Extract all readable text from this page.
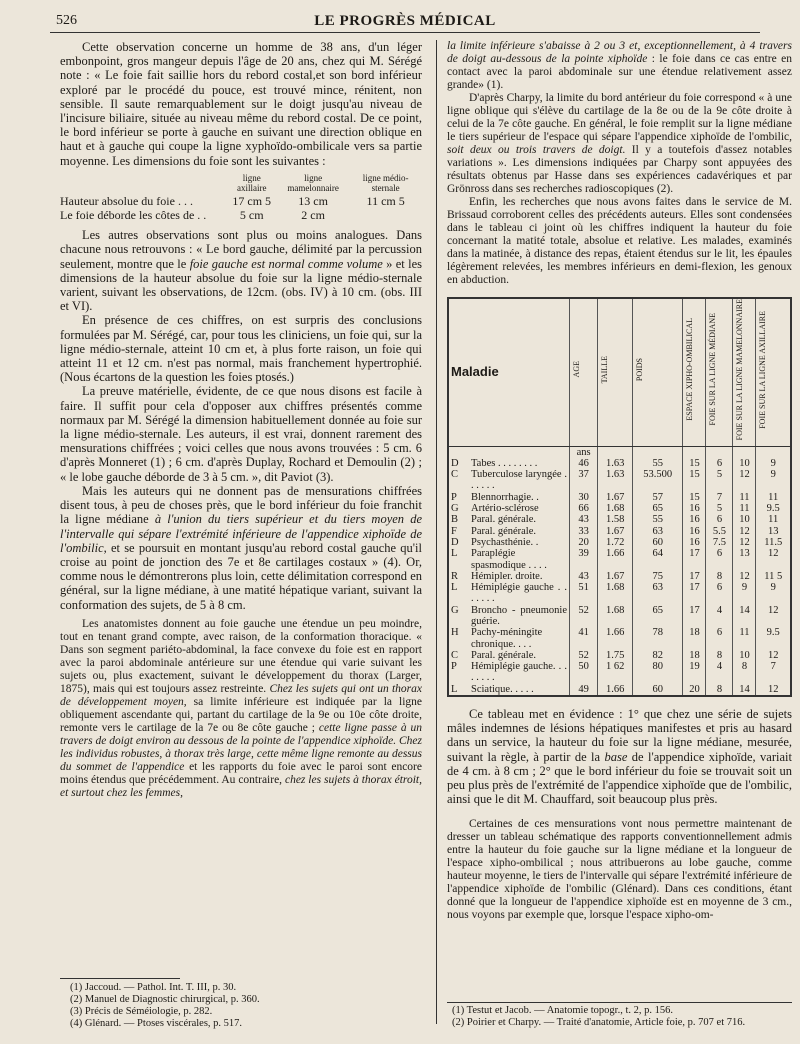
526	LE PROGRÈS MÉDICAL

Cette observation concerne un homme de 38 ans, d'un léger embonpoint, gros mangeur depuis l'âge de 20 ans, chez qui M. Sérégé note : « Le foie fait saillie hors du rebord costal,et son bord inférieur exploré par le procédé du pouce, est trouvé mince, rénitent, non sensible. Il saute remarquablement sur le doigt jusqu'au niveau de l'incisure biliaire, située au niveau même du rebord costal. De ce point, le bord inférieur se porte à gauche en suivant une direction oblique en haut et à gauche qui coupe la ligne xyphoïdo-ombilicale vers sa partie moyenne. Les dimensions du foie sont les suivantes :

	ligne axillaire	ligne mamelonnaire	ligne médio-sternale
Hauteur absolue du foie . . .	17 cm 5	13 cm	11 cm 5
Le foie déborde les côtes de . .	5 cm	2 cm	

Les autres observations sont plus ou moins analogues. Dans chacune nous retrouvons : « Le bord gauche, délimité par la percussion seulement, montre que le foie gauche est normal comme volume » et les dimensions de la hauteur absolue du foie sur la ligne médio-sternale varient, suivant les observations, de 12cm. (obs. IV) à 10 cm. (obs. III et VI).

En présence de ces chiffres, on est surpris des conclusions formulées par M. Sérégé, car, pour tous les cliniciens, un foie qui, sur la ligne médio-sternale, atteint 10 cm et, à plus forte raison, un foie qui atteint 11 et 12 cm. n'est pas normal, mais franchement hypertrophié. (Nous écartons de la question les foies ptosés.)

La preuve matérielle, évidente, de ce que nous disons est facile à faire. Il suffit pour cela d'opposer aux chiffres présentés comme normaux par M. Sérégé la dimension habituellement donnée au foie sur la ligne médio-sternale. Les auteurs, il est vrai, donnent rarement des mensurations chiffrées ; voici celles que nous avons trouvées : 5 cm. 6 d'après Monneret (1) ; 6 cm. d'après Duplay, Rochard et Demoulin (2) ; « le lobe gauche déborde de 3 à 5 cm. », dit Paviot (3).

Mais les auteurs qui ne donnent pas de mensurations chiffrées disent tous, à peu de choses près, que le bord inférieur du foie franchit la ligne médiane à l'union du tiers supérieur et du tiers moyen de l'intervalle qui sépare l'extrémité inférieure de l'appendice xiphoïde de l'ombilic, et se poursuit en montant jusqu'au rebord costal gauche qu'il croise au point de jonction des 7e et 8e cartilages costaux » (4). Or, comme nous le démontrerons plus loin, cette délimitation correspond en général, sur la ligne médiane, à une matité hépatique variant, suivant la conformation des sujets, de 5 à 8 cm.

Les anatomistes donnent au foie gauche une étendue un peu moindre, tout en tenant grand compte, avec raison, de la conformation thoracique. « Dans son segment pariéto-abdominal, la face convexe du foie est en rapport avec la paroi abdominale antérieure sur une étendue qui varie suivant les sujets ou, plus exactement, suivant le développement du thorax (Larger, 1875), mais qui est toujours assez restreinte. Chez les sujets qui ont un thorax de développement moyen, sa limite inférieure est indiquée par la ligne obliquement ascendante qui, partant du cartilage de la 9e ou 10e côte droite, remonte vers le cartilage de la 7e ou 8e côte gauche ; cette ligne passe à un travers de doigt environ au dessous de la pointe de l'appendice xiphoïde. Chez les individus robustes, à thorax très large, cette même ligne remonte au dessus du sommet de l'appendice et les rapports du foie avec le paroi sont encore moins étendus que précédemment. Au contraire, chez les sujets à thorax étroit, et surtout chez les femmes,

(1) Jaccoud. — Pathol. Int. T. III, p. 30.
(2) Manuel de Diagnostic chirurgical, p. 360.
(3) Précis de Séméiologie, p. 282.
(4) Glénard. — Ptoses viscérales, p. 517.

la limite inférieure s'abaisse à 2 ou 3 et, exceptionnellement, à 4 travers de doigt au-dessous de la pointe xiphoïde : le foie dans ce cas entre en contact avec la paroi abdominale sur une étendue relativement assez grande» (1).

D'après Charpy, la limite du bord antérieur du foie correspond « à une ligne oblique qui s'élève du cartilage de la 8e ou de la 9e côte droite à celui de la 7e côte gauche. En général, le foie remplit sur la ligne médiane le tiers supérieur de l'espace qui sépare l'appendice xiphoïde de l'ombilic, soit deux ou trois travers de doigt. Il y a toutefois d'assez notables variations ». Les dimensions indiquées par Charpy sont appuyées des résultats obtenus par Hasse dans ses expériences cadavériques et par Grönross dans ses recherches radioscopiques (2).

Enfin, les recherches que nous avons faites dans le service de M. Brissaud corroborent celles des précédents auteurs. Elles sont condensées dans le tableau ci joint où les chiffres indiquent la hauteur du foie concernant la matité totale, absolue et relative. Les malades, examinés dans la matinée, à distance des repas, étaient étendus sur le lit, les épaules légèrement relevées, les membres inférieurs en demi-flexion, les genoux en abduction.

Maladie		AGE	TAILLE	POIDS	ESPACE XIPHO-OMBILICAL	FOIE SUR LA LIGNE MÉDIANE	FOIE SUR LA LIGNE MAMELONNAIRE	FOIE SUR LA LIGNE AXILLAIRE
		ans						
D	Tabes . . . . . . . .	46	1.63	55	15	6	10	9
C	Tuberculose laryngée . . . . . .	37	1.63	53.500	15	5	12	9
P	Blennorrhagie. .	30	1.67	57	15	7	11	11
G	Artério-sclérose	66	1.68	65	16	5	11	9.5
B	Paral. générale.	43	1.58	55	16	6	10	11
F	Paral. générale.	33	1.67	63	16	5.5	12	13
D	Psychasthénie. .	20	1.72	60	16	7.5	12	11.5
L	Paraplégie spasmodique . . . .	39	1.66	64	17	6	13	12
R	Hémipler. droite.	43	1.67	75	17	8	12	11 5
L	Hémiplégie gauche . . . . . . .	51	1.68	63	17	6	9	9
G	Broncho - pneumonie guérie.	52	1.68	65	17	4	14	12
H	Pachy-méningite chronique. . . .	41	1.66	78	18	6	11	9.5
C	Paral. générale.	52	1.75	82	18	8	10	12
P	Hémiplégie gauche. . . . . . . .	50	1 62	80	19	4	8	7
L	Sciatique. . . . .	49	1.66	60	20	8	14	12

Ce tableau met en évidence : 1° que chez une série de sujets mâles indemnes de lésions hépatiques manifestes et pris au hasard dans un service, la hauteur du foie sur la ligne médiane, mesurée, suivant la règle, à partir de la base de l'appendice xiphoïde, variait de 4 cm. à 8 cm ; 2° que le bord inférieur du foie se trouvait soit un peu plus près de l'extrémité de l'appendice xiphoïde que de l'ombilic, ainsi que le dit M. Chauffard, soit beaucoup plus près.

Certaines de ces mensurations vont nous permettre maintenant de dresser un tableau schématique des rapports conventionnellement admis entre la hauteur du foie gauche sur la ligne médiane et la longueur de l'espace xipho-ombilical ; nous attribuerons au lobe gauche, comme hauteur moyenne, le tiers de l'intervalle qui sépare l'extrémité inférieure de l'appendice xiphoïde de l'ombilic (Glénard). Dans ces conditions, étant donné que la longueur de l'appendice xiphoïde est en moyenne de 3 cm., nous voyons par exemple que, lorsque l'espace xipho-om-

(1) Testut et Jacob. — Anatomie topogr., t. 2, p. 156.
(2) Poirier et Charpy. — Traité d'anatomie, Article foie, p. 707 et 716.
